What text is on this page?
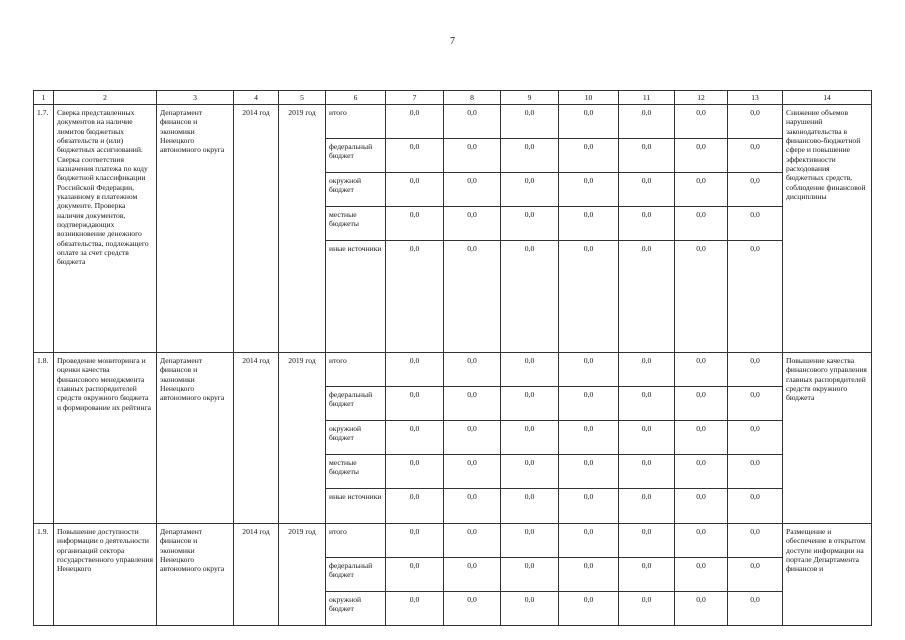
7
1	2	3	4	5	6	7	8	9	10	11	12	13	14
1.7.	Сверка представленных документов на наличие лимитов бюджетных обязательств и (или) бюджетных ассигнований. Сверка соответствия назначения платежа по коду бюджетной классификации Российской Федерации, указанному в платежном документе. Проверка наличия документов, подтверждающих возникновение денежного обязательства, подлежащего оплате за счет средств бюджета	Департамент финансов и экономики Ненецкого автономного округа	2014 год	2019 год	итого	0,0	0,0	0,0	0,0	0,0	0,0	0,0	Снижение объемов нарушений законодательства в финансово-бюджетной сфере и повышение эффективности расходования бюджетных средств, соблюдение финансовой дисциплины
					федеральный бюджет	0,0	0,0	0,0	0,0	0,0	0,0	0,0	
					окружной бюджет	0,0	0,0	0,0	0,0	0,0	0,0	0,0	
					местные бюджеты	0,0	0,0	0,0	0,0	0,0	0,0	0,0	
					иные источники	0,0	0,0	0,0	0,0	0,0	0,0	0,0	
1.8.	Проведение мониторинга и оценки качества финансового менеджмента главных распорядителей средств окружного бюджета и формирование их рейтинга	Департамент финансов и экономики Ненецкого автономного округа	2014 год	2019 год	итого	0,0	0,0	0,0	0,0	0,0	0,0	0,0	Повышение качества финансового управления главных распорядителей средств окружного бюджета
					федеральный бюджет	0,0	0,0	0,0	0,0	0,0	0,0	0,0	
					окружной бюджет	0,0	0,0	0,0	0,0	0,0	0,0	0,0	
					местные бюджеты	0,0	0,0	0,0	0,0	0,0	0,0	0,0	
					иные источники	0,0	0,0	0,0	0,0	0,0	0,0	0,0	
1.9.	Повышение доступности информации о деятельности организаций сектора государственного управления Ненецкого	Департамент финансов и экономики Ненецкого автономного округа	2014 год	2019 год	итого	0,0	0,0	0,0	0,0	0,0	0,0	0,0	Размещение и обеспечение в открытом доступе информации на портале Департамента финансов и
					федеральный бюджет	0,0	0,0	0,0	0,0	0,0	0,0	0,0	
					окружной бюджет	0,0	0,0	0,0	0,0	0,0	0,0	0,0	
